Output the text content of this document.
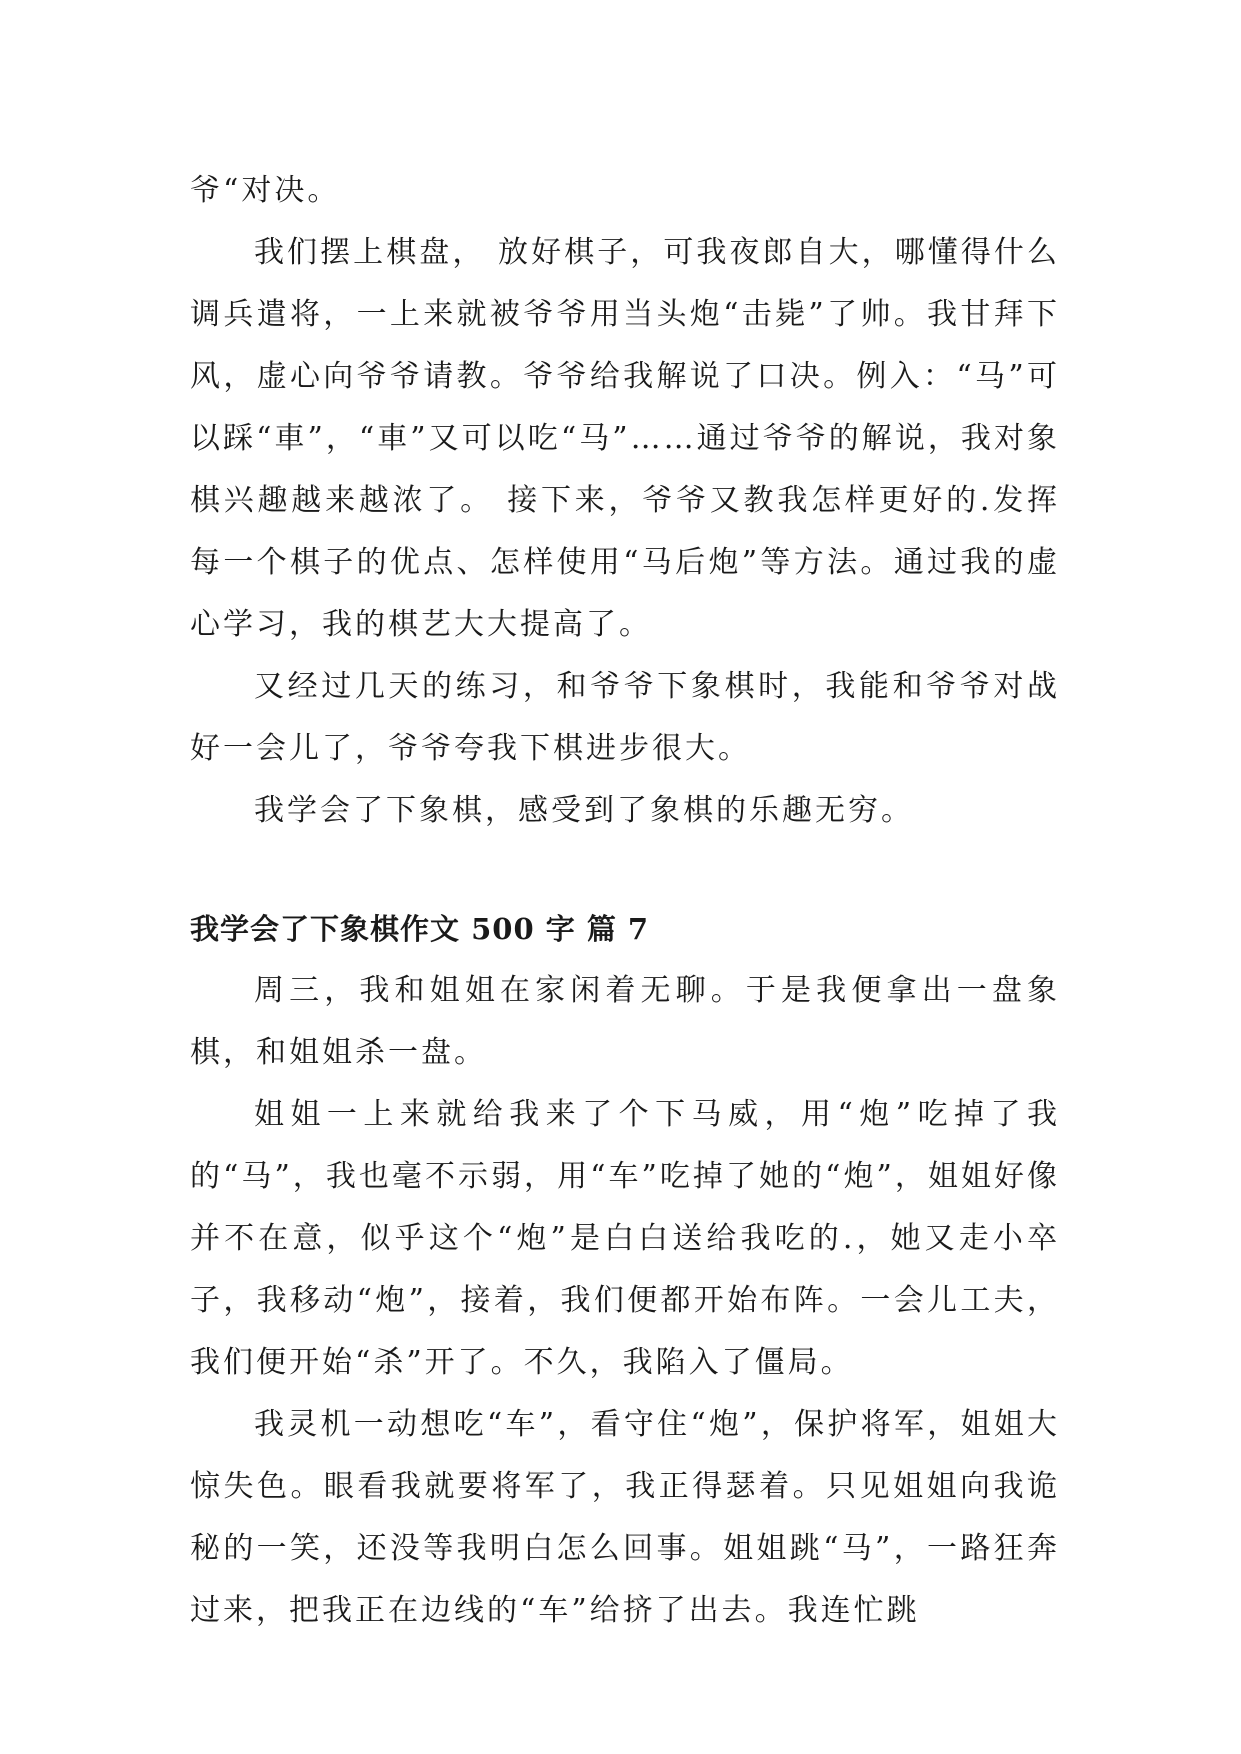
爷“对决。

我们摆上棋盘， 放好棋子，可我夜郎自大，哪懂得什么调兵遣将，一上来就被爷爷用当头炮“击毙”了帅。我甘拜下风，虚心向爷爷请教。爷爷给我解说了口决。例入：“马”可以踩“車”，“車”又可以吃“马”……通过爷爷的解说，我对象棋兴趣越来越浓了。 接下来，爷爷又教我怎样更好的.发挥每一个棋子的优点、怎样使用“马后炮”等方法。通过我的虚心学习，我的棋艺大大提高了。

又经过几天的练习，和爷爷下象棋时，我能和爷爷对战好一会儿了，爷爷夸我下棋进步很大。

我学会了下象棋，感受到了象棋的乐趣无穷。

我学会了下象棋作文 500 字 篇 7

周三，我和姐姐在家闲着无聊。于是我便拿出一盘象棋，和姐姐杀一盘。

姐姐一上来就给我来了个下马威，用“炮”吃掉了我的“马”，我也毫不示弱，用“车”吃掉了她的“炮”，姐姐好像并不在意，似乎这个“炮”是白白送给我吃的.，她又走小卒子，我移动“炮”，接着，我们便都开始布阵。一会儿工夫，我们便开始“杀”开了。不久，我陷入了僵局。

我灵机一动想吃“车”，看守住“炮”，保护将军，姐姐大惊失色。眼看我就要将军了，我正得瑟着。只见姐姐向我诡秘的一笑，还没等我明白怎么回事。姐姐跳“马”，一路狂奔过来，把我正在边线的“车”给挤了出去。我连忙跳
